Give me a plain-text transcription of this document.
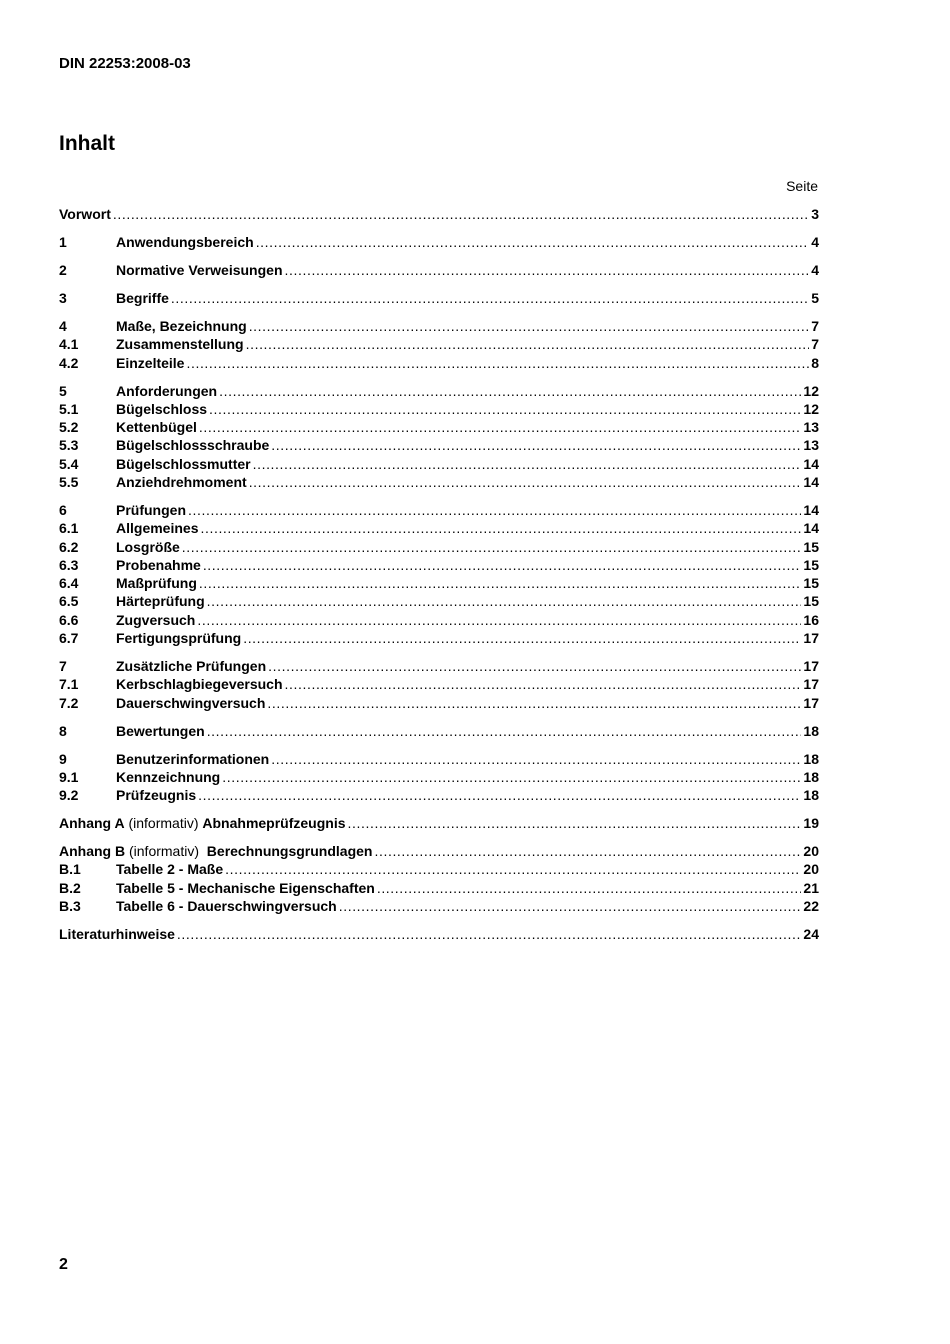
DIN 22253:2008-03
Inhalt
Seite
Vorwort .....	3
1	Anwendungsbereich .....	4
2	Normative Verweisungen .....	4
3	Begriffe .....	5
4	Maße, Bezeichnung .....	7
4.1	Zusammenstellung .....	7
4.2	Einzelteile .....	8
5	Anforderungen .....	12
5.1	Bügelschloss .....	12
5.2	Kettenbügel .....	13
5.3	Bügelschlossschraube .....	13
5.4	Bügelschlossmutter .....	14
5.5	Anziehdrehmoment .....	14
6	Prüfungen .....	14
6.1	Allgemeines .....	14
6.2	Losgröße .....	15
6.3	Probenahme .....	15
6.4	Maßprüfung .....	15
6.5	Härteprüfung .....	15
6.6	Zugversuch .....	16
6.7	Fertigungsprüfung .....	17
7	Zusätzliche Prüfungen .....	17
7.1	Kerbschlagbiegeversuch .....	17
7.2	Dauerschwingversuch .....	17
8	Bewertungen .....	18
9	Benutzerinformationen .....	18
9.1	Kennzeichnung .....	18
9.2	Prüfzeugnis .....	18
Anhang A (informativ) Abnahmeprüfzeugnis .....	19
Anhang B (informativ)  Berechnungsgrundlagen .....	20
B.1	Tabelle 2 - Maße .....	20
B.2	Tabelle 5 - Mechanische Eigenschaften .....	21
B.3	Tabelle 6 - Dauerschwingversuch .....	22
Literaturhinweise .....	24
2
